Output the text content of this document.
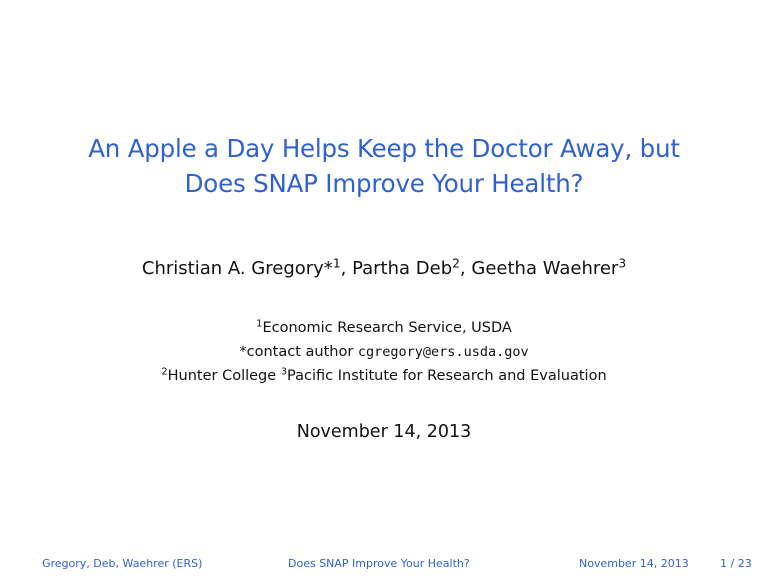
An Apple a Day Helps Keep the Doctor Away, but
Does SNAP Improve Your Health?
Christian A. Gregory*$^1$, Partha Deb$^2$, Geetha Waehrer$^3$
$^1$Economic Research Service, USDA
*contact author cgregory@ers.usda.gov
$^2$Hunter College $^3$Pacific Institute for Research and Evaluation
November 14, 2013
Gregory, Deb, Waehrer (ERS)	Does SNAP Improve Your Health?	November 14, 2013	1 / 23
